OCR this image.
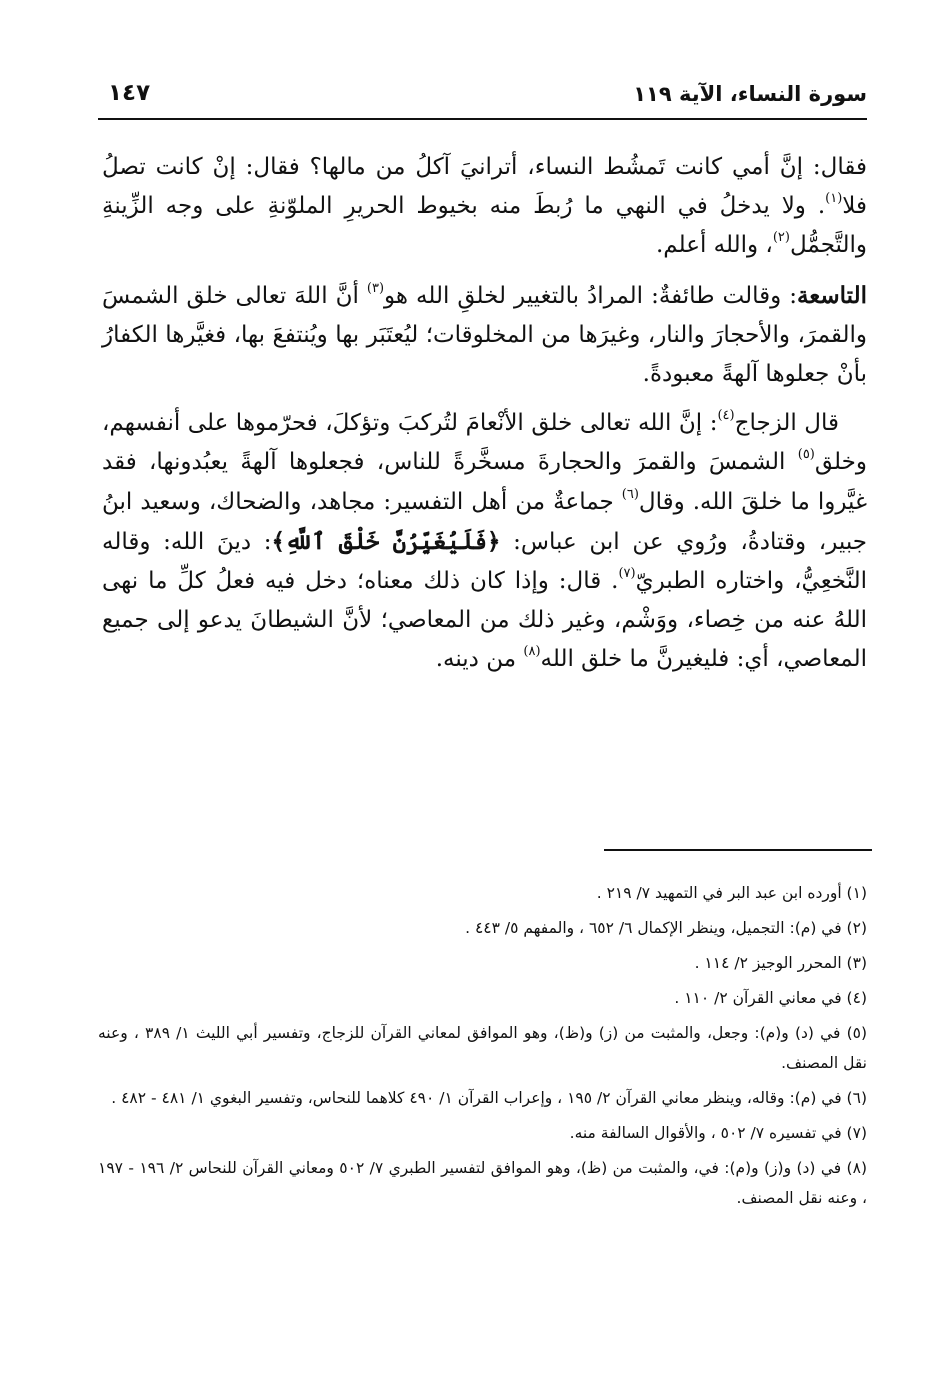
سورة النساء، الآية ١١٩
١٤٧

فقال: إنَّ أمي كانت تَمشُط النساء، أترانيَ آكلُ من مالها؟ فقال: إنْ كانت تصلُ فلا$^{(١)}$. ولا يدخلُ في النهي ما رُبطَ منه بخيوط الحريرِ الملوّنةِ على وجه الزِّينةِ والتَّجمُّل$^{(٢)}$، والله أعلم.

التاسعة: وقالت طائفةٌ: المرادُ بالتغيير لخلقِ الله هو$^{(٣)}$ أنَّ اللهَ تعالى خلق الشمسَ والقمرَ، والأحجارَ والنار، وغيرَها من المخلوقات؛ ليُعتَبَر بها ويُنتفعَ بها، فغيَّرها الكفارُ بأنْ جعلوها آلهةً معبودةً.

قال الزجاج$^{(٤)}$: إنَّ الله تعالى خلق الأنْعامَ لتُركبَ وتؤكلَ، فحرّموها على أنفسهم، وخلق$^{(٥)}$ الشمسَ والقمرَ والحجارةَ مسخَّرةً للناس، فجعلوها آلهةً يعبُدونها، فقد غيَّروا ما خلقَ الله. وقال$^{(٦)}$ جماعةٌ من أهل التفسير: مجاهد، والضحاك، وسعيد ابنُ جبير، وقتادةُ، ورُوي عن ابن عباس: ﴿فَلَيُغَيِّرُنَّ خَلْقَ ٱللَّهِ﴾: دينَ الله: وقاله النَّخعِيُّ، واختاره الطبريّ$^{(٧)}$. قال: وإذا كان ذلك معناه؛ دخل فيه فعلُ كلِّ ما نهى اللهُ عنه من خِصاء، ووَشْم، وغير ذلك من المعاصي؛ لأنَّ الشيطانَ يدعو إلى جميع المعاصي، أي: فليغيرنَّ ما خلق الله$^{(٨)}$ من دينه.

(١) أورده ابن عبد البر في التمهيد ٧/ ٢١٩ .

(٢) في (م): التجميل، وينظر الإكمال ٦/ ٦٥٢ ، والمفهم ٥/ ٤٤٣ .

(٣) المحرر الوجيز ٢/ ١١٤ .

(٤) في معاني القرآن ٢/ ١١٠ .

(٥) في (د) و(م): وجعل، والمثبت من (ز) و(ظ)، وهو الموافق لمعاني القرآن للزجاج، وتفسير أبي الليث ١/ ٣٨٩ ، وعنه نقل المصنف.

(٦) في (م): وقاله، وينظر معاني القرآن ٢/ ١٩٥ ، وإعراب القرآن ١/ ٤٩٠ كلاهما للنحاس، وتفسير البغوي ١/ ٤٨١ - ٤٨٢ .

(٧) في تفسيره ٧/ ٥٠٢ ، والأقوال السالفة منه.

(٨) في (د) و(ز) و(م): في، والمثبت من (ظ)، وهو الموافق لتفسير الطبري ٧/ ٥٠٢ ومعاني القرآن للنحاس ٢/ ١٩٦ - ١٩٧ ، وعنه نقل المصنف.
